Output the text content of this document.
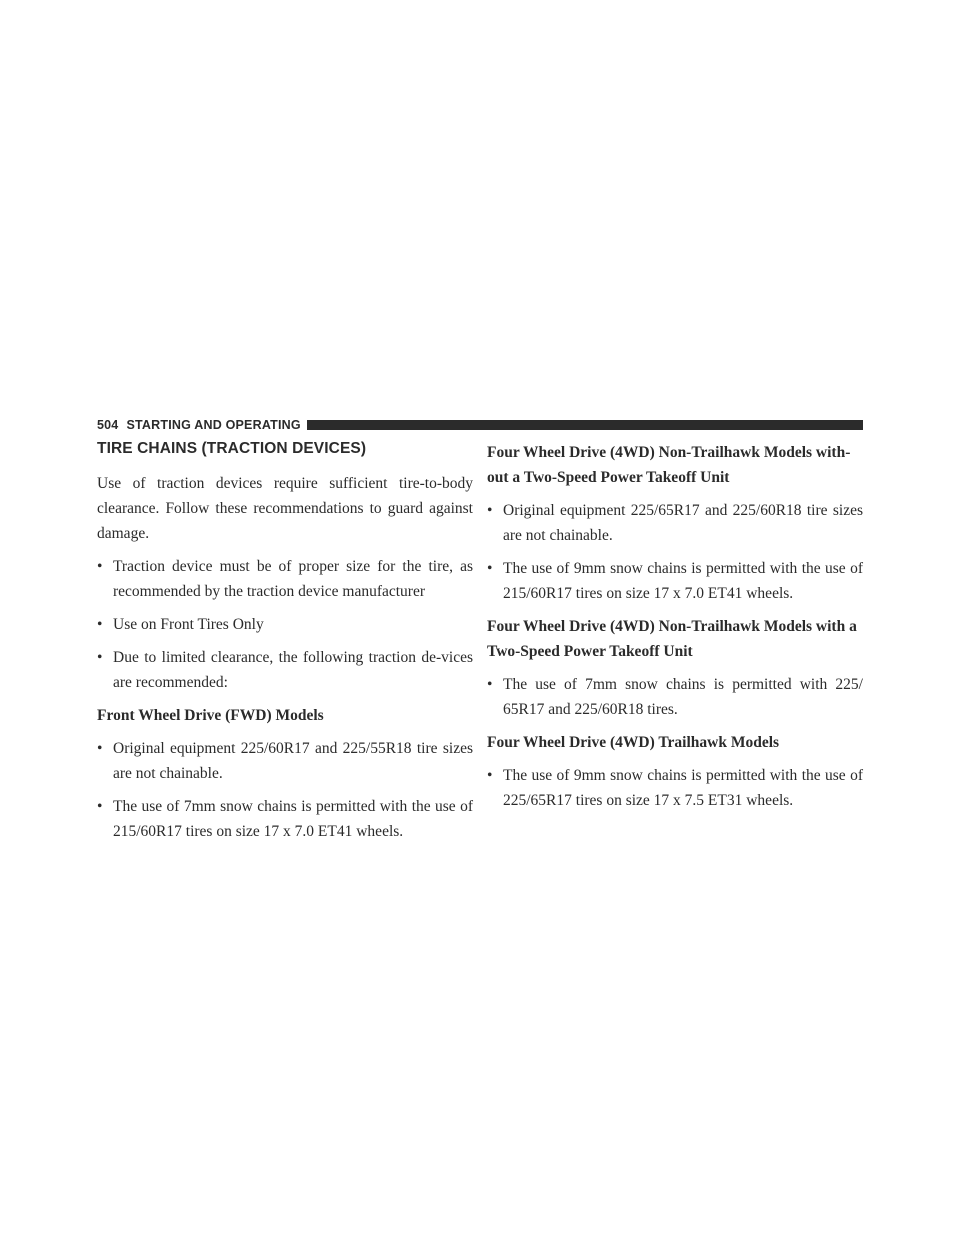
504 STARTING AND OPERATING
TIRE CHAINS (TRACTION DEVICES)

Use of traction devices require sufficient tire-to-body clearance. Follow these recommendations to guard against damage.

• Traction device must be of proper size for the tire, as recommended by the traction device manufacturer
• Use on Front Tires Only
• Due to limited clearance, the following traction de-vices are recommended:
Front Wheel Drive (FWD) Models
• Original equipment 225/60R17 and 225/55R18 tire sizes are not chainable.
• The use of 7mm snow chains is permitted with the use of 215/60R17 tires on size 17 x 7.0 ET41 wheels.
Four Wheel Drive (4WD) Non-Trailhawk Models with-out a Two-Speed Power Takeoff Unit
• Original equipment 225/65R17 and 225/60R18 tire sizes are not chainable.
• The use of 9mm snow chains is permitted with the use of 215/60R17 tires on size 17 x 7.0 ET41 wheels.
Four Wheel Drive (4WD) Non-Trailhawk Models with a Two-Speed Power Takeoff Unit
• The use of 7mm snow chains is permitted with 225/ 65R17 and 225/60R18 tires.
Four Wheel Drive (4WD) Trailhawk Models
• The use of 9mm snow chains is permitted with the use of 225/65R17 tires on size 17 x 7.5 ET31 wheels.
